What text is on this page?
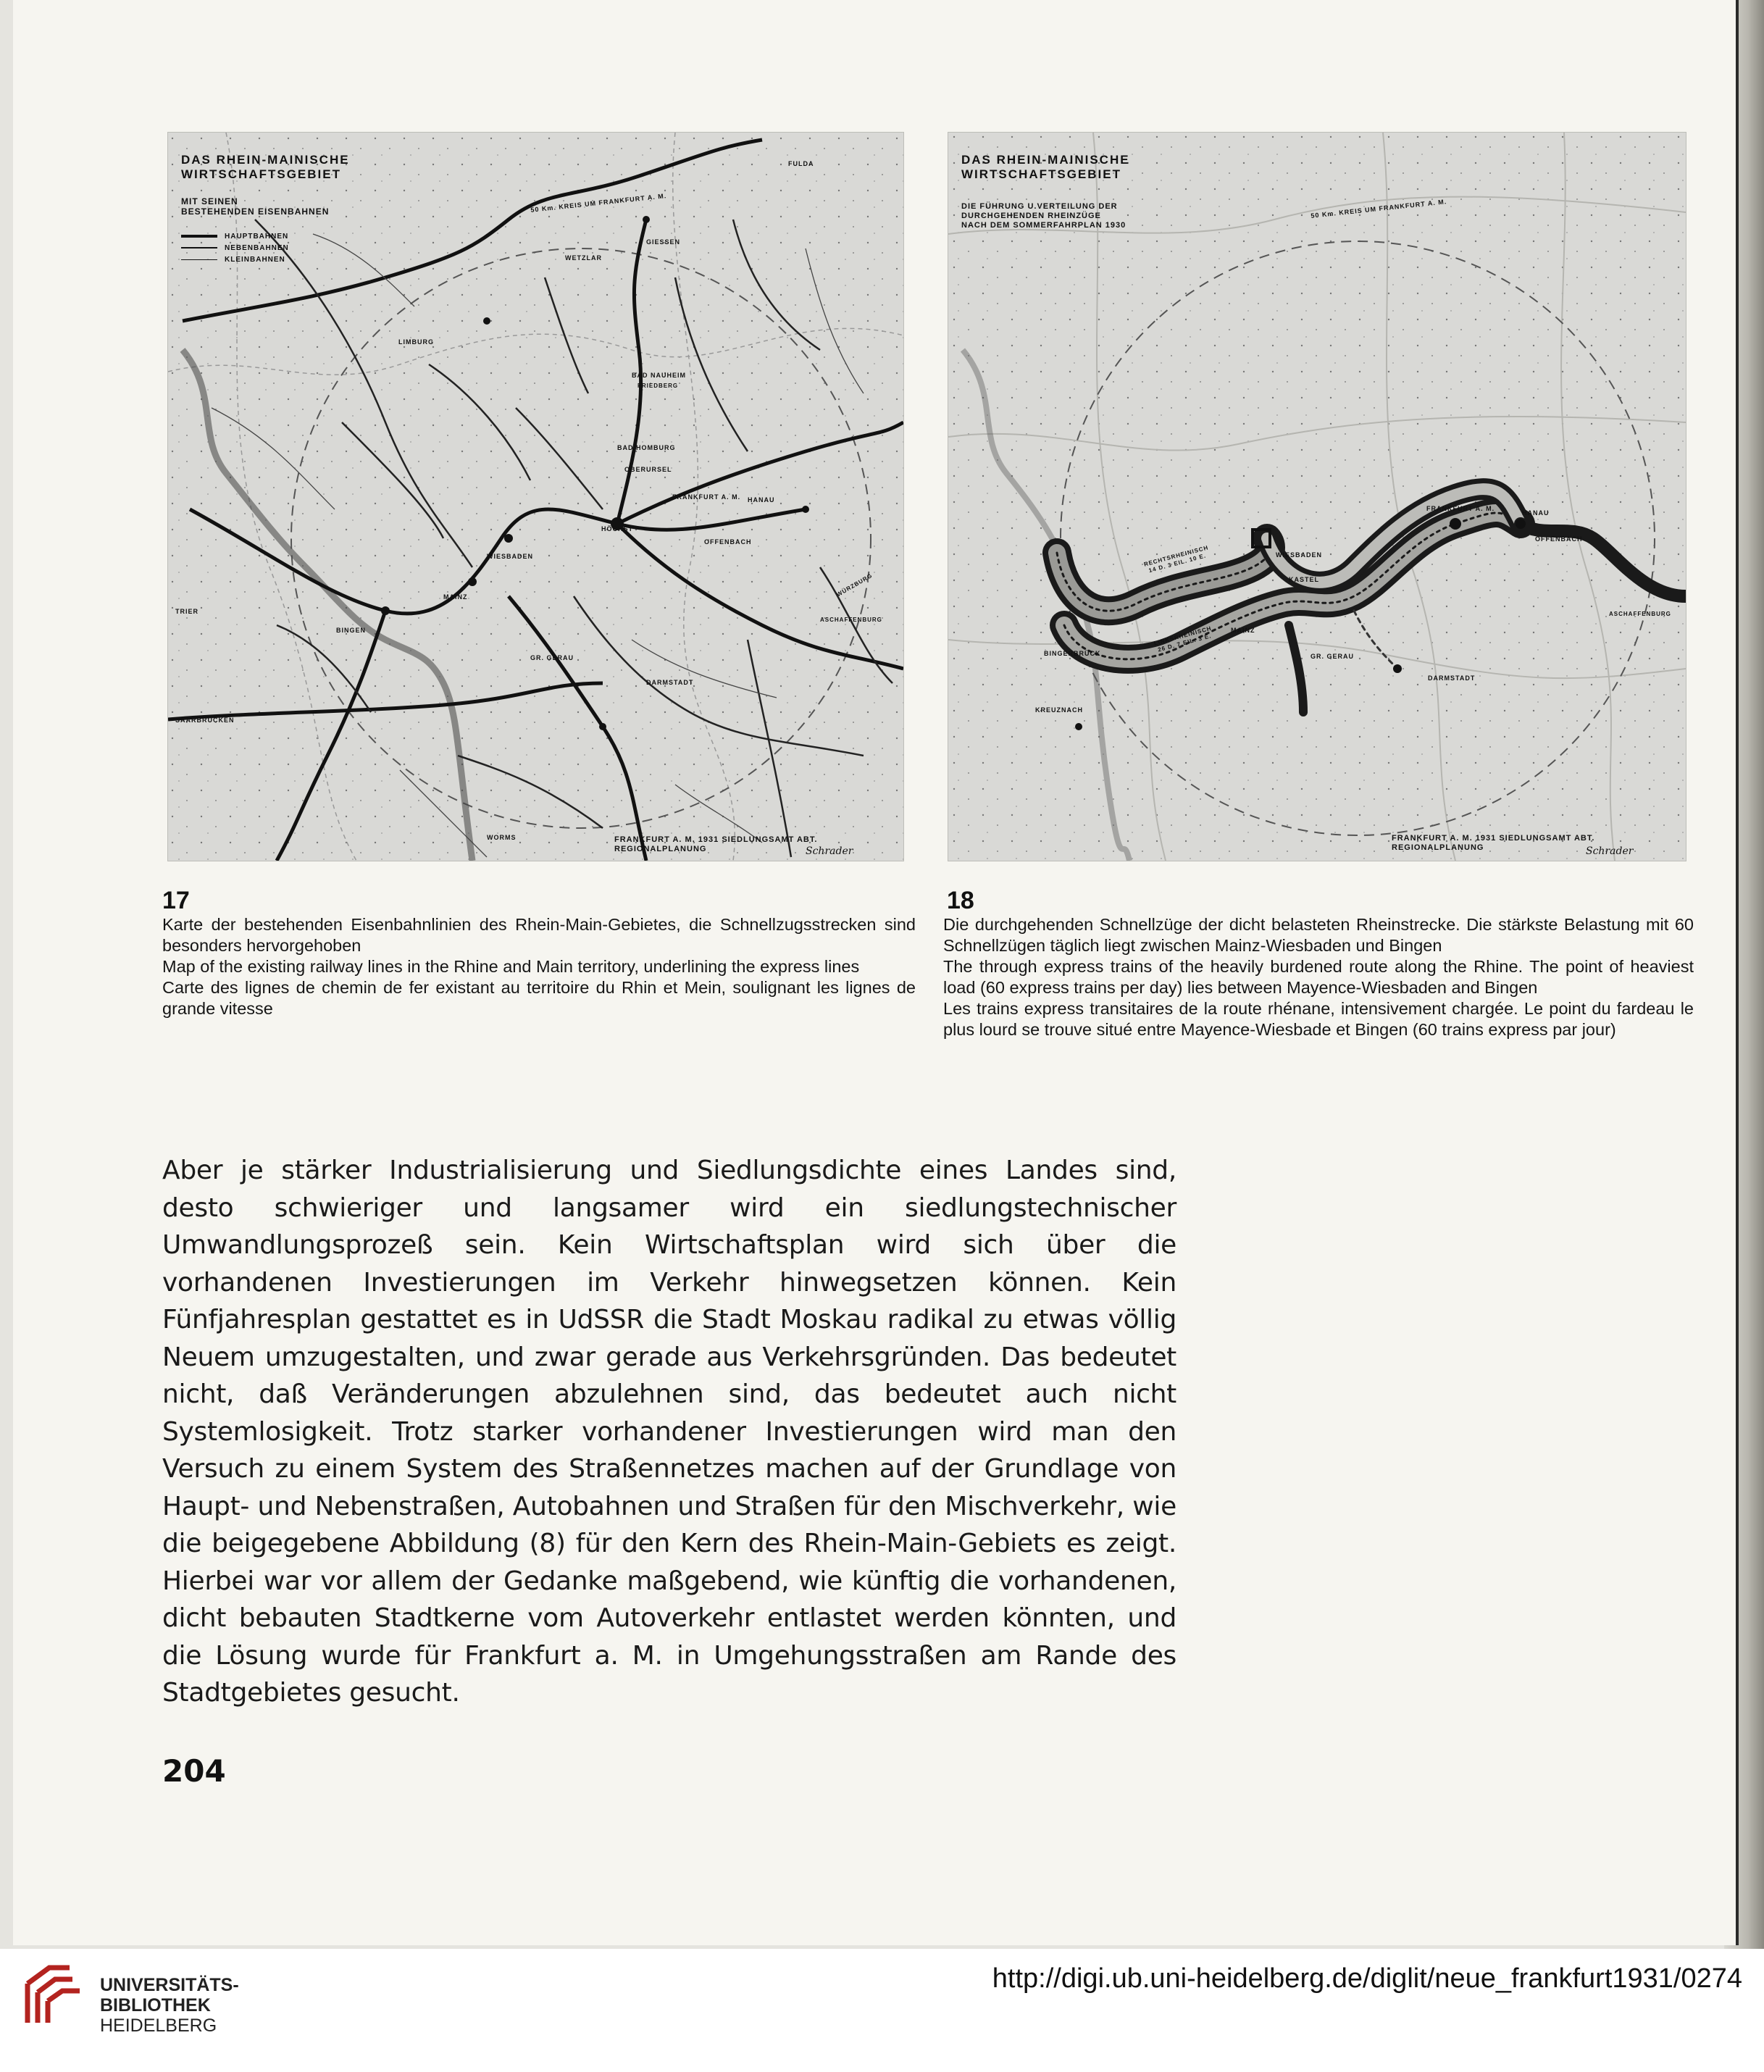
DAS RHEIN-MAINISCHE
WIRTSCHAFTSGEBIET
MIT SEINEN
BESTEHENDEN EISENBAHNEN
HAUPTBAHNEN
NEBENBAHNEN
KLEINBAHNEN
50 Km. KREIS UM FRANKFURT A. M.
FULDA
GIESSEN
WETZLAR
LIMBURG
BAD NAUHEIM
FRIEDBERG
BAD HOMBURG
OBERURSEL
FRANKFURT A. M. HANAU
HÖCHST
OFFENBACH
WIESBADEN
MAINZ
BINGEN
GR. GERAU
DARMSTADT
ASCHAFFENBURG
WÜRZBURG
TRIER
SAARBRÜCKEN
WORMS	FRANKFURT A. M. 1931 SIEDLUNGSAMT ABT. REGIONALPLANUNG	Schrader
DAS RHEIN-MAINISCHE
WIRTSCHAFTSGEBIET
DIE FÜHRUNG U.VERTEILUNG DER
DURCHGEHENDEN RHEINZÜGE
NACH DEM SOMMERFAHRPLAN 1930
50 Km. KREIS UM FRANKFURT A. M.
FRANKFURT A. M.
HANAU
OFFENBACH
WIESBADEN
KASTEL
MAINZ
GR. GERAU
DARMSTADT
ASCHAFFENBURG
BINGERBRÜCK
KREUZNACH
RECHTSRHEINISCH 14 D. 3 EIL. 10 E.
LINKSRHEINISCH 26 D. 7 EIL. 3 E.
FRANKFURT A. M. 1931 SIEDLUNGSAMT ABT. REGIONALPLANUNG	Schrader
17

Karte der bestehenden Eisenbahnlinien des Rhein-Main-Gebietes, die Schnellzugsstrecken sind besonders hervorgehoben

Map of the existing railway lines in the Rhine and Main territory, underlining the express lines

Carte des lignes de chemin de fer existant au territoire du Rhin et Mein, soulignant les lignes de grande vitesse

18

Die durchgehenden Schnellzüge der dicht belasteten Rheinstrecke. Die stärkste Belastung mit 60 Schnellzügen täglich liegt zwischen Mainz-Wiesbaden und Bingen

The through express trains of the heavily burdened route along the Rhine. The point of heaviest load (60 express trains per day) lies between Mayence-Wiesbaden and Bingen

Les trains express transitaires de la route rhénane, intensivement chargée. Le point du fardeau le plus lourd se trouve situé entre Mayence-Wiesbade et Bingen (60 trains express par jour)

Aber je stärker Industrialisierung und Siedlungsdichte eines Landes sind, desto schwieriger und langsamer wird ein siedlungstechnischer Umwandlungsprozeß sein. Kein Wirtschaftsplan wird sich über die vorhandenen Investierungen im Verkehr hinwegsetzen können. Kein Fünfjahresplan gestattet es in UdSSR die Stadt Moskau radikal zu etwas völlig Neuem umzugestalten, und zwar gerade aus Verkehrsgründen. Das bedeutet nicht, daß Veränderungen abzulehnen sind, das bedeutet auch nicht Systemlosigkeit. Trotz starker vorhandener Investierungen wird man den Versuch zu einem System des Straßennetzes machen auf der Grundlage von Haupt- und Nebenstraßen, Autobahnen und Straßen für den Mischverkehr, wie die beigegebene Abbildung (8) für den Kern des Rhein-Main-Gebiets es zeigt. Hierbei war vor allem der Gedanke maßgebend, wie künftig die vorhandenen, dicht bebauten Stadtkerne vom Autoverkehr entlastet werden könnten, und die Lösung wurde für Frankfurt a. M. in Umgehungsstraßen am Rande des Stadtgebietes gesucht.

204
UNIVERSITÄTS-
BIBLIOTHEK
HEIDELBERG
http://digi.ub.uni-heidelberg.de/diglit/neue_frankfurt1931/0274
